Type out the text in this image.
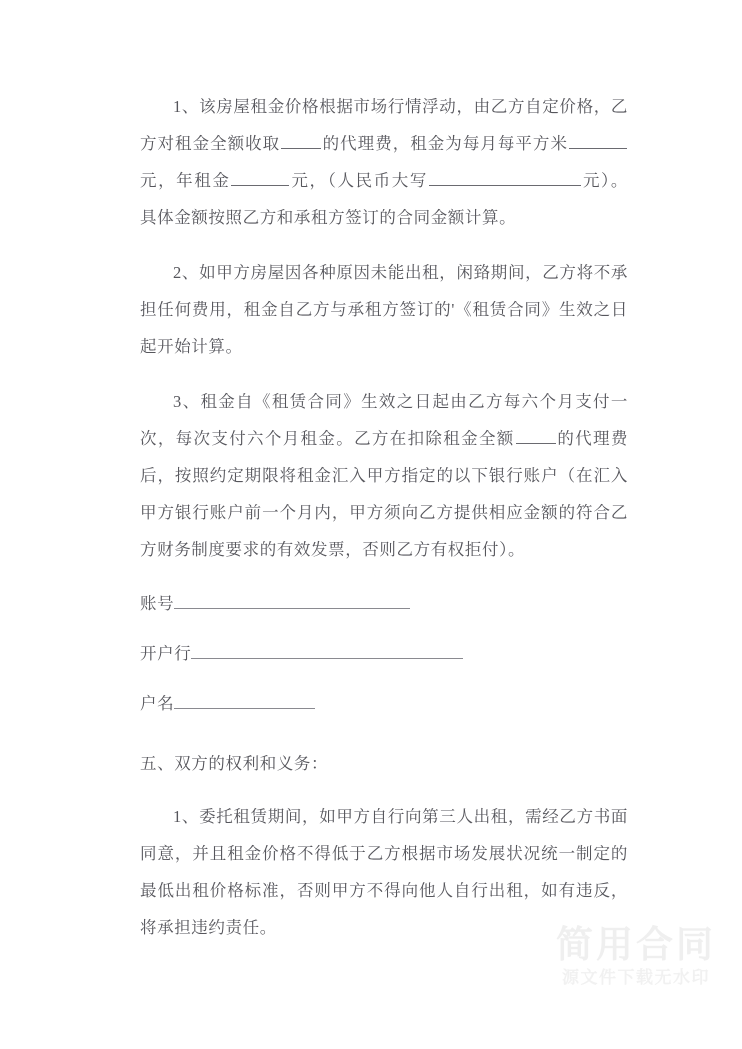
1、该房屋租金价格根据市场行情浮动，由乙方自定价格，乙方对租金全额收取	的代理费，租金为每月每平方米元，年租金	元，（人民币大写	元）。具体金额按照乙方和承租方签订的合同金额计算。

2、如甲方房屋因各种原因未能出租，闲臵期间，乙方将不承担任何费用，租金自乙方与承租方签订的'《租赁合同》生效之日起开始计算。

3、租金自《租赁合同》生效之日起由乙方每六个月支付一次，每次支付六个月租金。乙方在扣除租金全额	的代理费后，按照约定期限将租金汇入甲方指定的以下银行账户（在汇入甲方银行账户前一个月内，甲方须向乙方提供相应金额的符合乙方财务制度要求的有效发票，否则乙方有权拒付）。

账号
开户行
户名

五、双方的权利和义务：

1、委托租赁期间，如甲方自行向第三人出租，需经乙方书面同意，并且租金价格不得低于乙方根据市场发展状况统一制定的最低出租价格标准，否则甲方不得向他人自行出租，如有违反，将承担违约责任。	简用合同
源文件下载无水印
